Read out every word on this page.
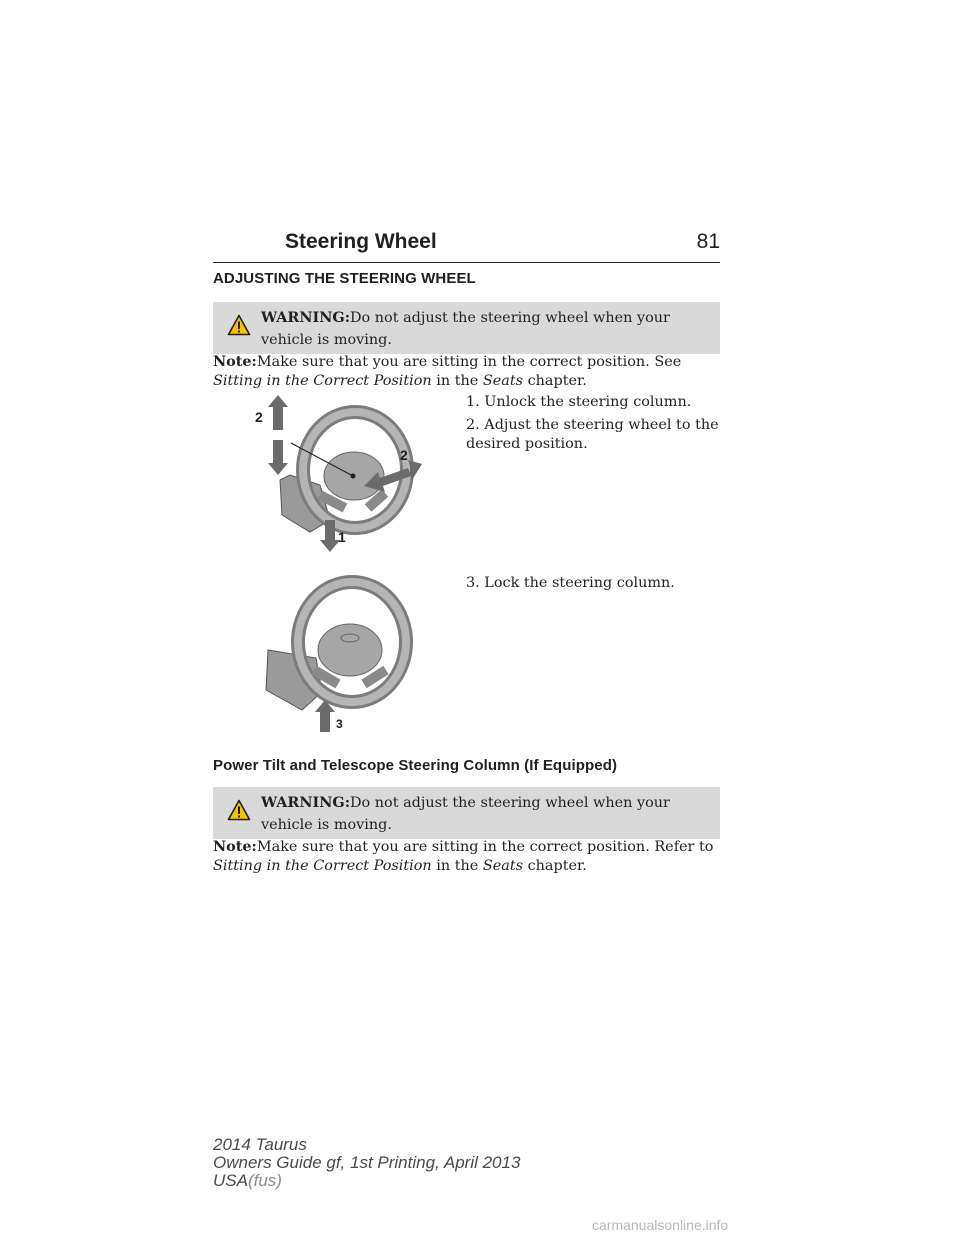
Steering Wheel	81
ADJUSTING THE STEERING WHEEL
WARNING:Do not adjust the steering wheel when your vehicle is moving.
Note:Make sure that you are sitting in the correct position. See Sitting in the Correct Position in the Seats chapter.
1. Unlock the steering column.
2. Adjust the steering wheel to the desired position.
3. Lock the steering column.
2
2
1
3
Power Tilt and Telescope Steering Column (If Equipped)
WARNING:Do not adjust the steering wheel when your vehicle is moving.
Note:Make sure that you are sitting in the correct position. Refer to Sitting in the Correct Position in the Seats chapter.
2014 Taurus
Owners Guide gf, 1st Printing, April 2013
USA(fus)
carmanualsonline.info
